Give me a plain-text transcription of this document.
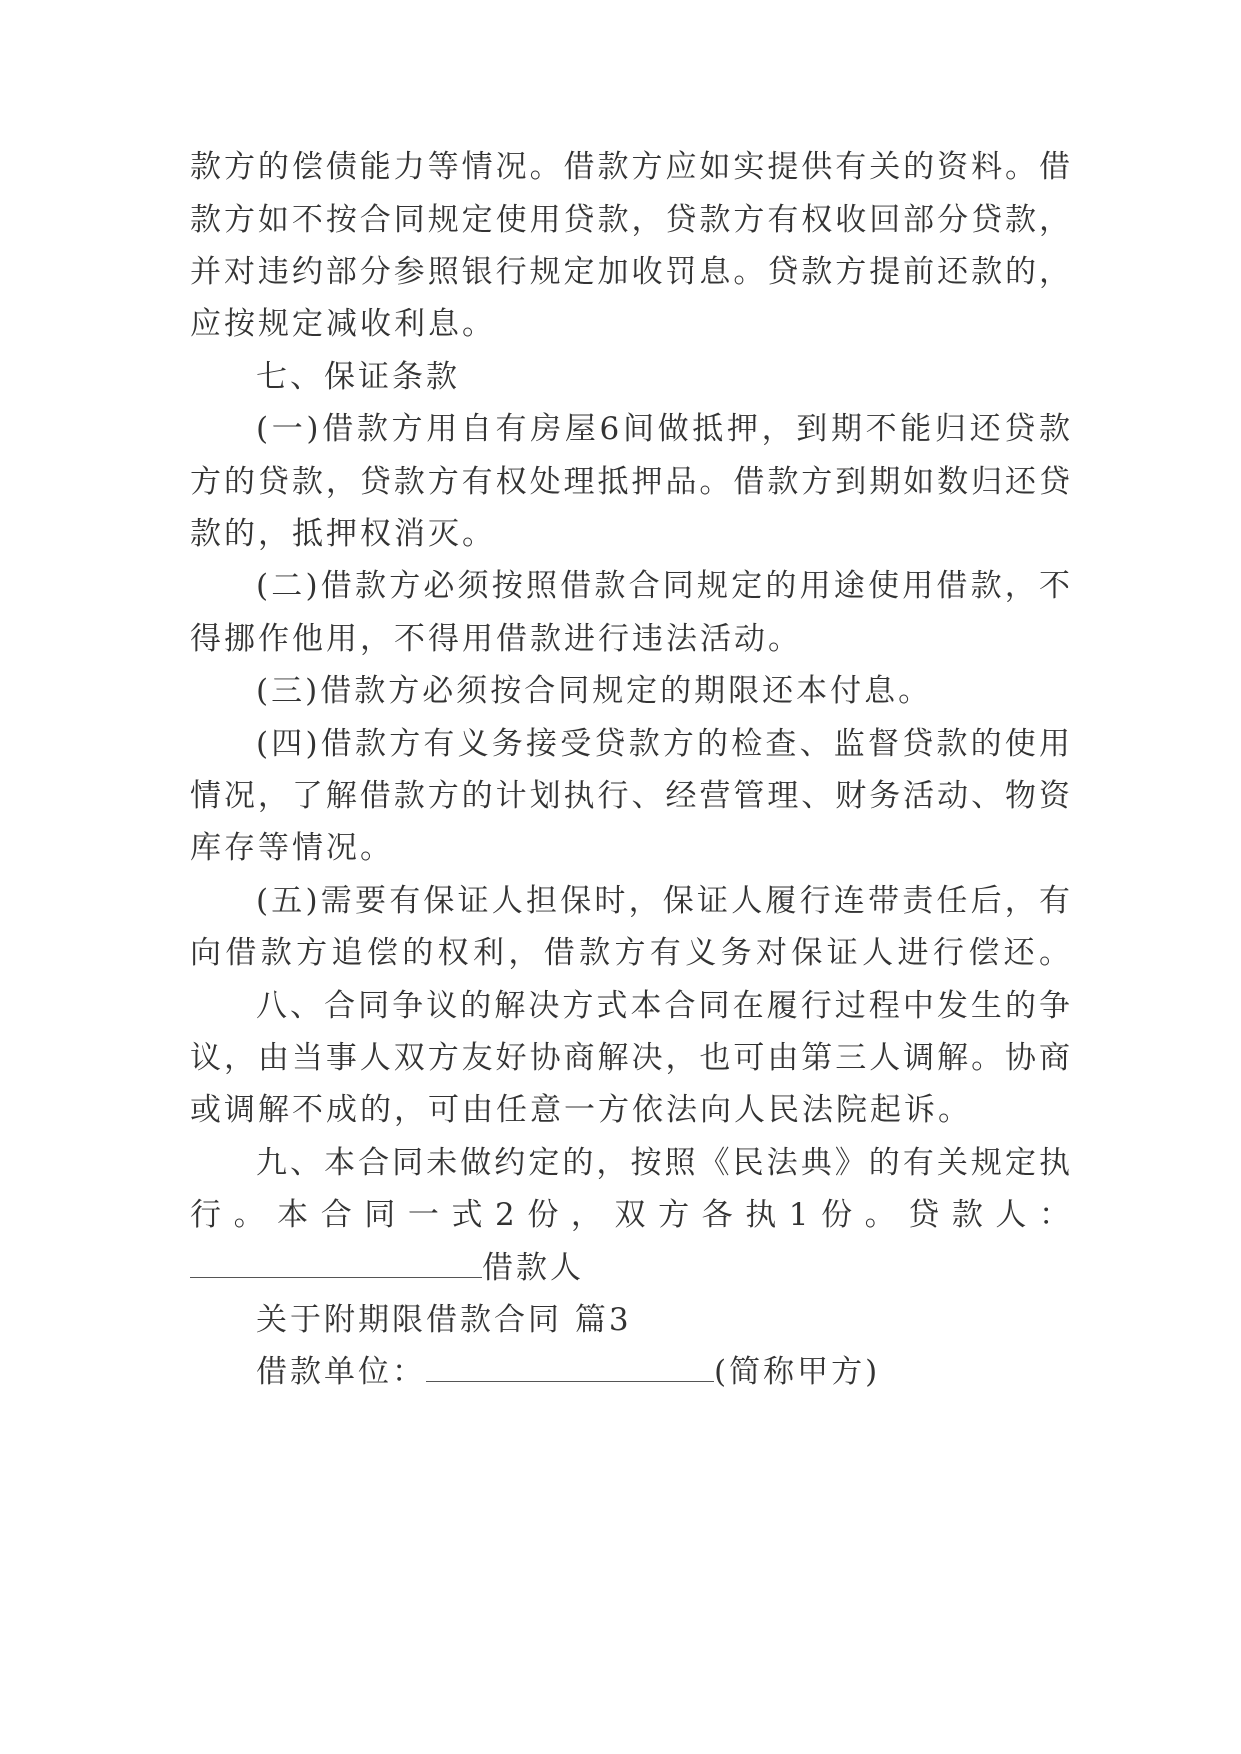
款方的偿债能力等情况。借款方应如实提供有关的资料。借
款方如不按合同规定使用贷款，贷款方有权收回部分贷款，
并对违约部分参照银行规定加收罚息。贷款方提前还款的，
应按规定减收利息。
七、保证条款
(一)借款方用自有房屋6间做抵押，到期不能归还贷款
方的贷款，贷款方有权处理抵押品。借款方到期如数归还贷
款的，抵押权消灭。
(二)借款方必须按照借款合同规定的用途使用借款，不
得挪作他用，不得用借款进行违法活动。
(三)借款方必须按合同规定的期限还本付息。
(四)借款方有义务接受贷款方的检查、监督贷款的使用
情况，了解借款方的计划执行、经营管理、财务活动、物资
库存等情况。
(五)需要有保证人担保时，保证人履行连带责任后，有
向借款方追偿的权利，借款方有义务对保证人进行偿还。
八、合同争议的解决方式本合同在履行过程中发生的争
议，由当事人双方友好协商解决，也可由第三人调解。协商
或调解不成的，可由任意一方依法向人民法院起诉。
九、本合同未做约定的，按照《民法典》的有关规定执
行。本合同一式2份，双方各执1份。贷款人：
借款人
关于附期限借款合同 篇3
借款单位：	(简称甲方)
